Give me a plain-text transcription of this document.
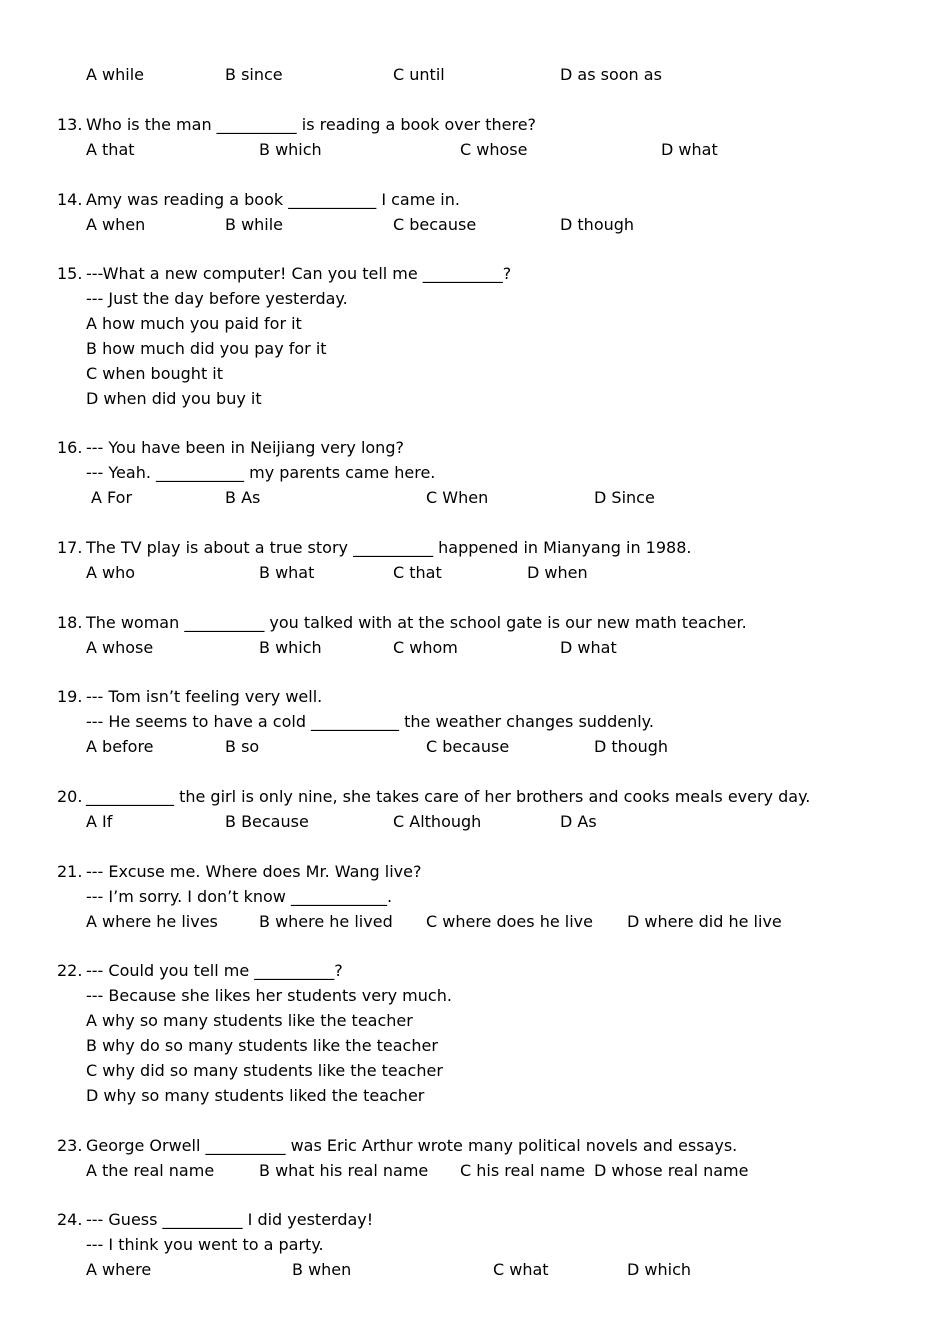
A while	B since	C until	D as soon as
13. Who is the man __________ is reading a book over there?
A that	B which	C whose	D what
14. Amy was reading a book ___________ I came in.
A when	B while	C because	D though
15. ---What a new computer! Can you tell me __________?
--- Just the day before yesterday.
A how much you paid for it
B how much did you pay for it
C when bought it
D when did you buy it
16. --- You have been in Neijiang very long?
--- Yeah. ___________ my parents came here.
A For	B As	C When	D Since
17. The TV play is about a true story __________ happened in Mianyang in 1988.
A who	B what	C that	D when
18. The woman __________ you talked with at the school gate is our new math teacher.
A whose	B which	C whom	D what
19. --- Tom isn’t feeling very well.
--- He seems to have a cold ___________ the weather changes suddenly.
A before	B so	C because	D though
20. ___________ the girl is only nine, she takes care of her brothers and cooks meals every day.
A If	B Because	C Although	D As
21. --- Excuse me. Where does Mr. Wang live?
--- I’m sorry. I don’t know ____________.
A where he lives	B where he lived C where does he live D where did he live
22. --- Could you tell me __________?
--- Because she likes her students very much.
A why so many students like the teacher
B why do so many students like the teacher
C why did so many students like the teacher
D why so many students liked the teacher
23. George Orwell __________ was Eric Arthur wrote many political novels and essays.
A the real name	B what his real name C his real name D whose real name
24. --- Guess __________ I did yesterday!
--- I think you went to a party.
A where	B when	C what	D which
